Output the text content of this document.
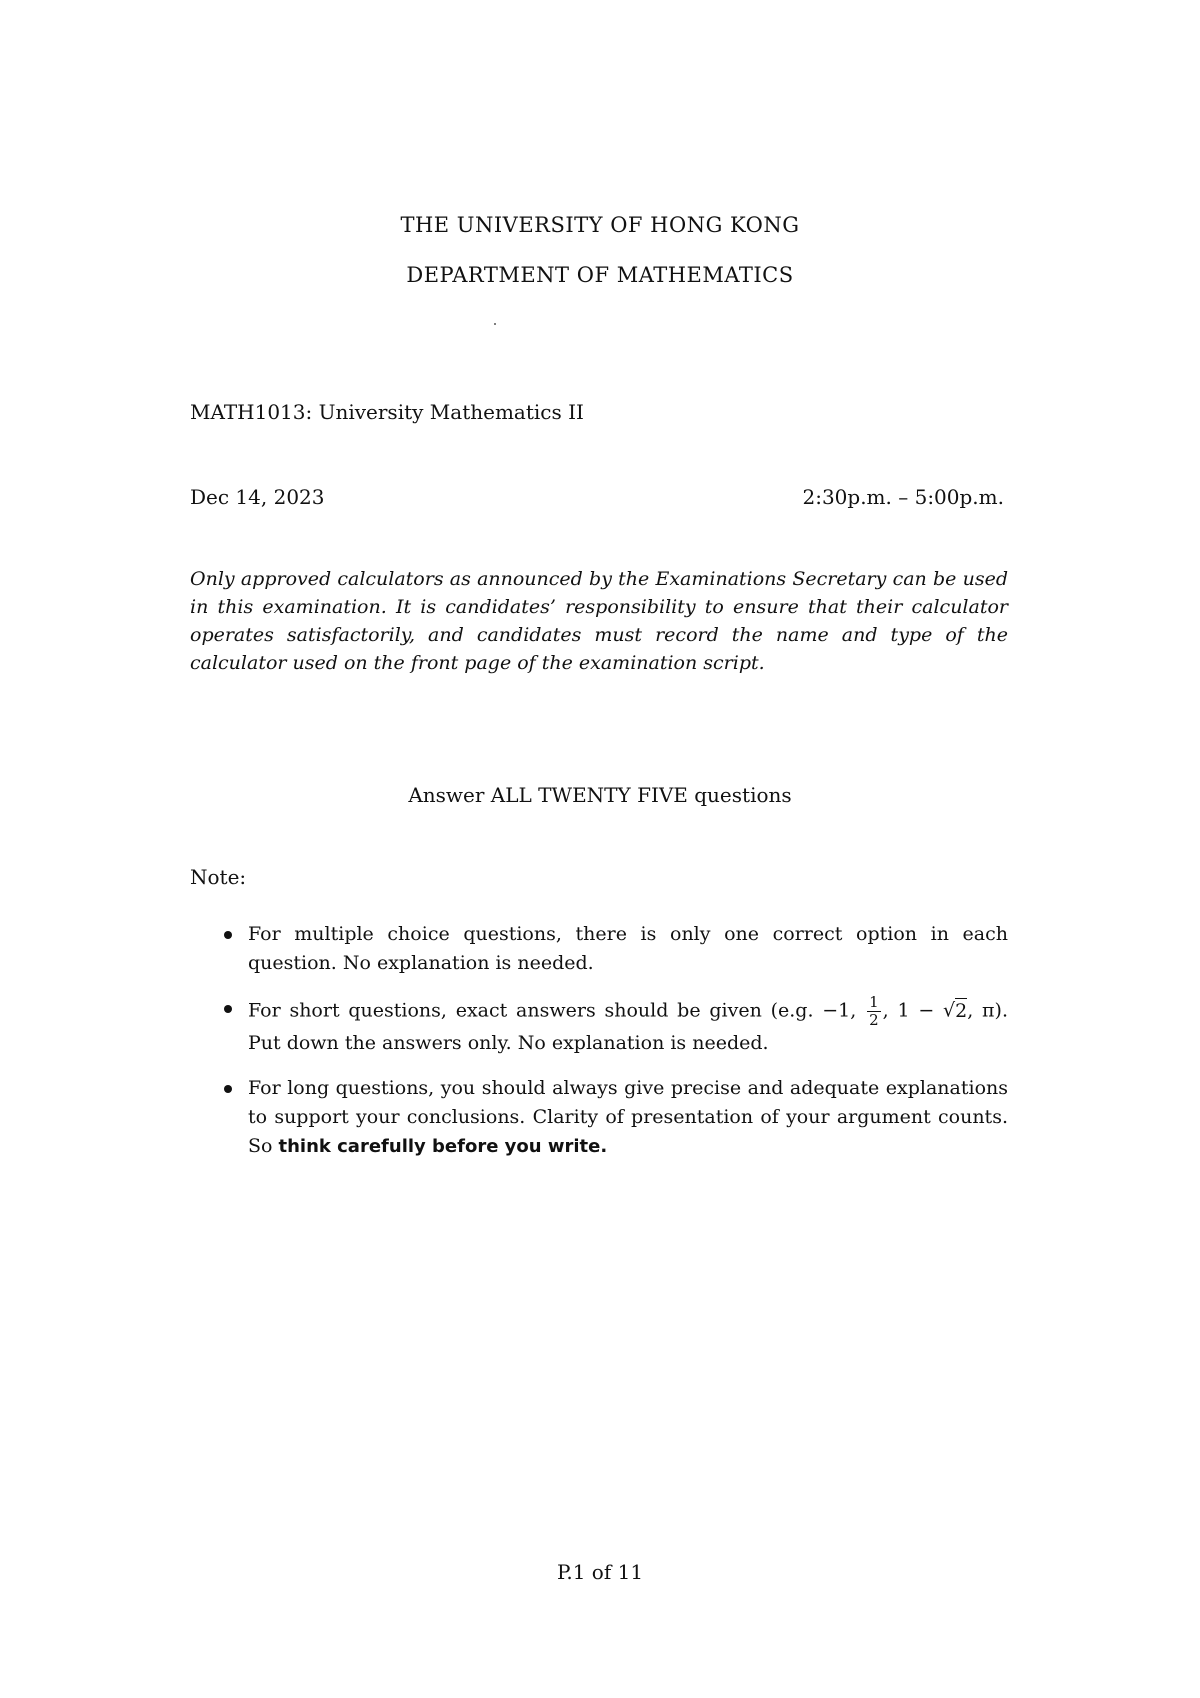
THE UNIVERSITY OF HONG KONG
DEPARTMENT OF MATHEMATICS
MATH1013: University Mathematics II
Dec 14, 2023	2:30p.m. – 5:00p.m.
Only approved calculators as announced by the Examinations Secretary can be used in this examination. It is candidates’ responsibility to ensure that their calculator operates satisfactorily, and candidates must record the name and type of the calculator used on the front page of the examination script.
Answer ALL TWENTY FIVE questions
Note:
For multiple choice questions, there is only one correct option in each question. No explanation is needed.
For short questions, exact answers should be given (e.g. −1, $\frac{1}{2}$ , 1 − √2, π). Put down the answers only. No explanation is needed.
For long questions, you should always give precise and adequate explanations to support your conclusions. Clarity of presentation of your argument counts. So think carefully before you write.
P.1 of 11
